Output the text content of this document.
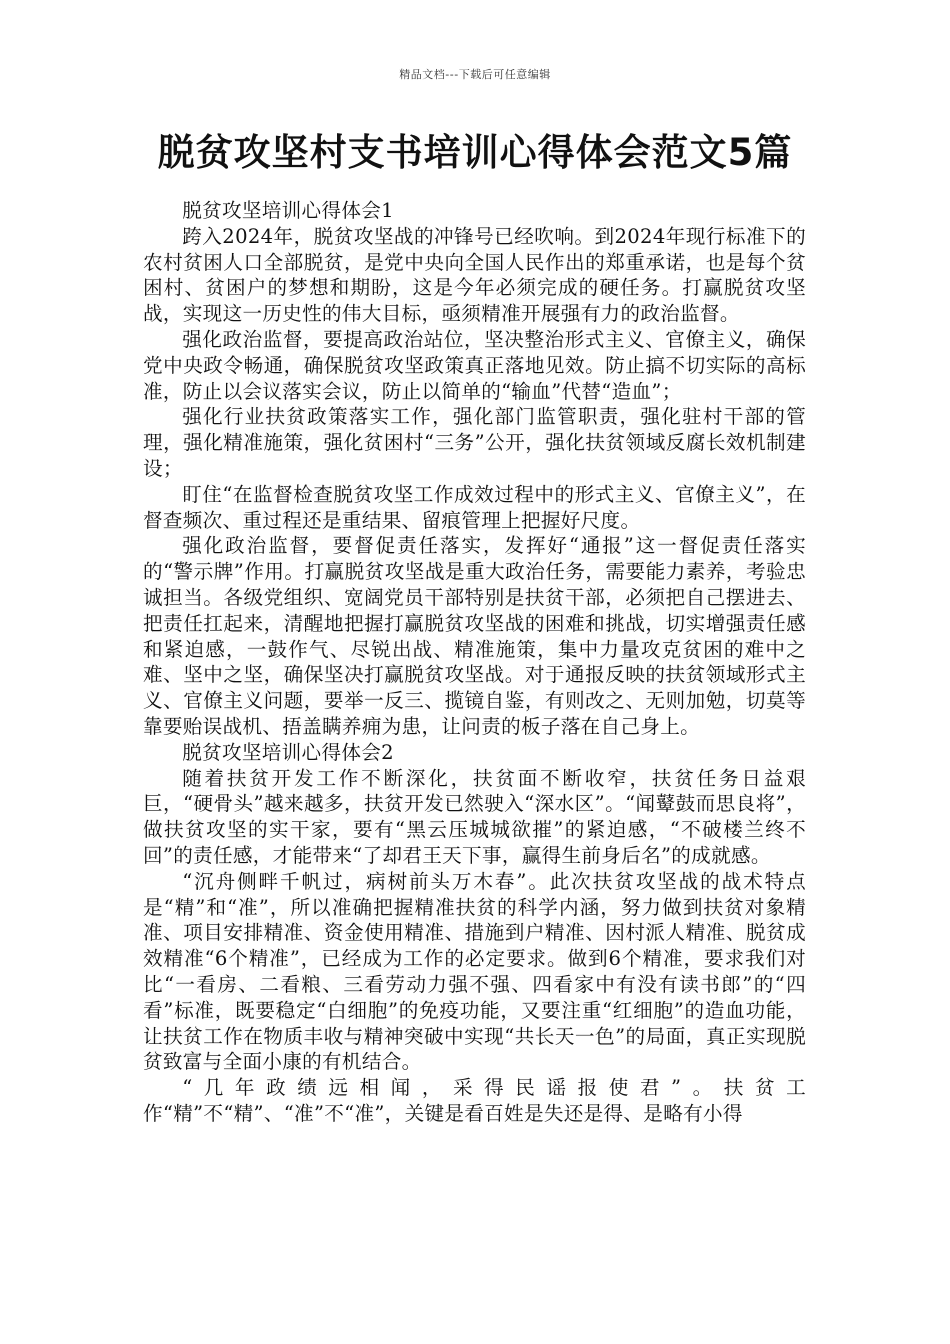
精品文档---下载后可任意编辑
脱贫攻坚村支书培训心得体会范文5篇

脱贫攻坚培训心得体会1

跨入2024年，脱贫攻坚战的冲锋号已经吹响。到2024年现行标准下的农村贫困人口全部脱贫，是党中央向全国人民作出的郑重承诺，也是每个贫困村、贫困户的梦想和期盼，这是今年必须完成的硬任务。打赢脱贫攻坚战，实现这一历史性的伟大目标，亟须精准开展强有力的政治监督。

强化政治监督，要提高政治站位，坚决整治形式主义、官僚主义，确保党中央政令畅通，确保脱贫攻坚政策真正落地见效。防止搞不切实际的高标准，防止以会议落实会议，防止以简单的“输血”代替“造血”；

强化行业扶贫政策落实工作，强化部门监管职责，强化驻村干部的管理，强化精准施策，强化贫困村“三务”公开，强化扶贫领域反腐长效机制建设；

盯住“在监督检查脱贫攻坚工作成效过程中的形式主义、官僚主义”，在督查频次、重过程还是重结果、留痕管理上把握好尺度。

强化政治监督，要督促责任落实，发挥好“通报”这一督促责任落实的“警示牌”作用。打赢脱贫攻坚战是重大政治任务，需要能力素养，考验忠诚担当。各级党组织、宽阔党员干部特别是扶贫干部，必须把自己摆进去、把责任扛起来，清醒地把握打赢脱贫攻坚战的困难和挑战，切实增强责任感和紧迫感，一鼓作气、尽锐出战、精准施策，集中力量攻克贫困的难中之难、坚中之坚，确保坚决打赢脱贫攻坚战。对于通报反映的扶贫领域形式主义、官僚主义问题，要举一反三、揽镜自鉴，有则改之、无则加勉，切莫等靠要贻误战机、捂盖瞒养痈为患，让问责的板子落在自己身上。

脱贫攻坚培训心得体会2

随着扶贫开发工作不断深化，扶贫面不断收窄，扶贫任务日益艰巨，“硬骨头”越来越多，扶贫开发已然驶入“深水区”。“闻鼙鼓而思良将”，做扶贫攻坚的实干家，要有“黑云压城城欲摧”的紧迫感，“不破楼兰终不回”的责任感，才能带来“了却君王天下事，赢得生前身后名”的成就感。

“沉舟侧畔千帆过，病树前头万木春”。此次扶贫攻坚战的战术特点是“精”和“准”，所以准确把握精准扶贫的科学内涵，努力做到扶贫对象精准、项目安排精准、资金使用精准、措施到户精准、因村派人精准、脱贫成效精准“6个精准”，已经成为工作的必定要求。做到6个精准，要求我们对比“一看房、二看粮、三看劳动力强不强、四看家中有没有读书郎”的“四看”标准，既要稳定“白细胞”的免疫功能，又要注重“红细胞”的造血功能，让扶贫工作在物质丰收与精神突破中实现“共长天一色”的局面，真正实现脱贫致富与全面小康的有机结合。

“几年政绩远相闻，采得民谣报使君”。扶贫工作“精”不“精”、“准”不“准”，关键是看百姓是失还是得、是略有小得
